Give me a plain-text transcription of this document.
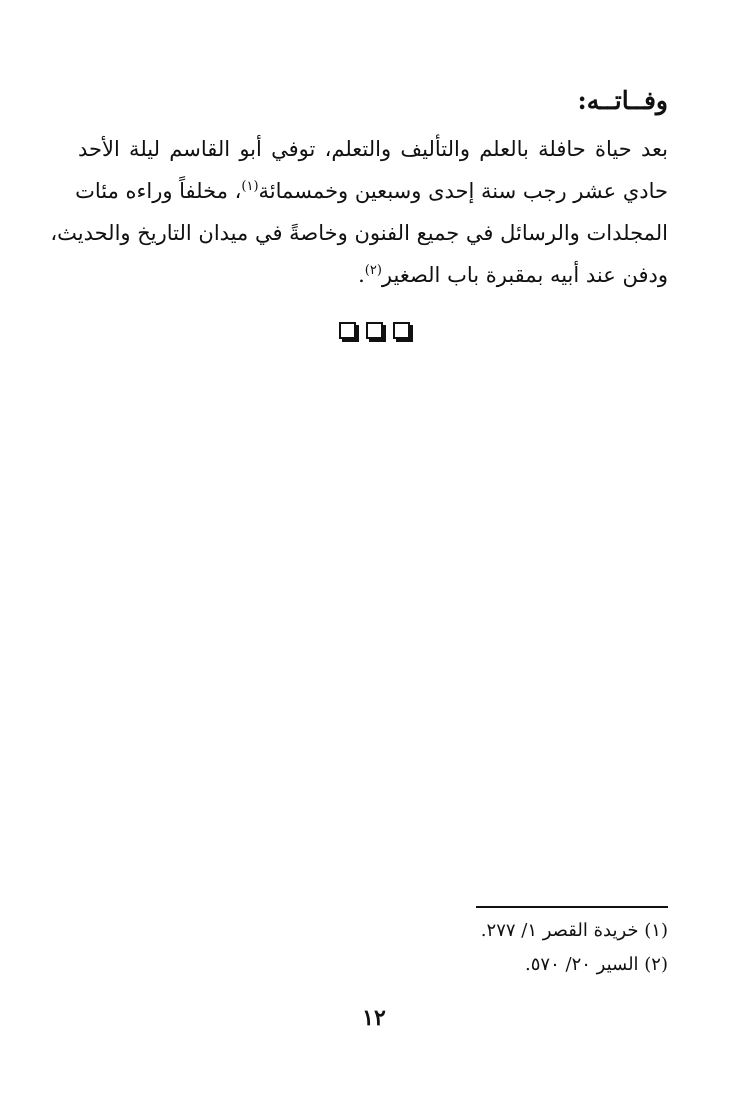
وفــاتــه:
بعد حياة حافلة بالعلم والتأليف والتعلم، توفي أبو القاسم ليلة الأحد
حادي عشر رجب سنة إحدى وسبعين وخمسمائة$^{(١)}$، مخلفاً وراءه مئات
المجلدات والرسائل في جميع الفنون وخاصةً في ميدان التاريخ والحديث،
ودفن عند أبيه بمقبرة باب الصغير$^{(٢)}$.
(١) خريدة القصر ١/ ٢٧٧.
(٢) السير ٢٠/ ٥٧٠.
١٢
